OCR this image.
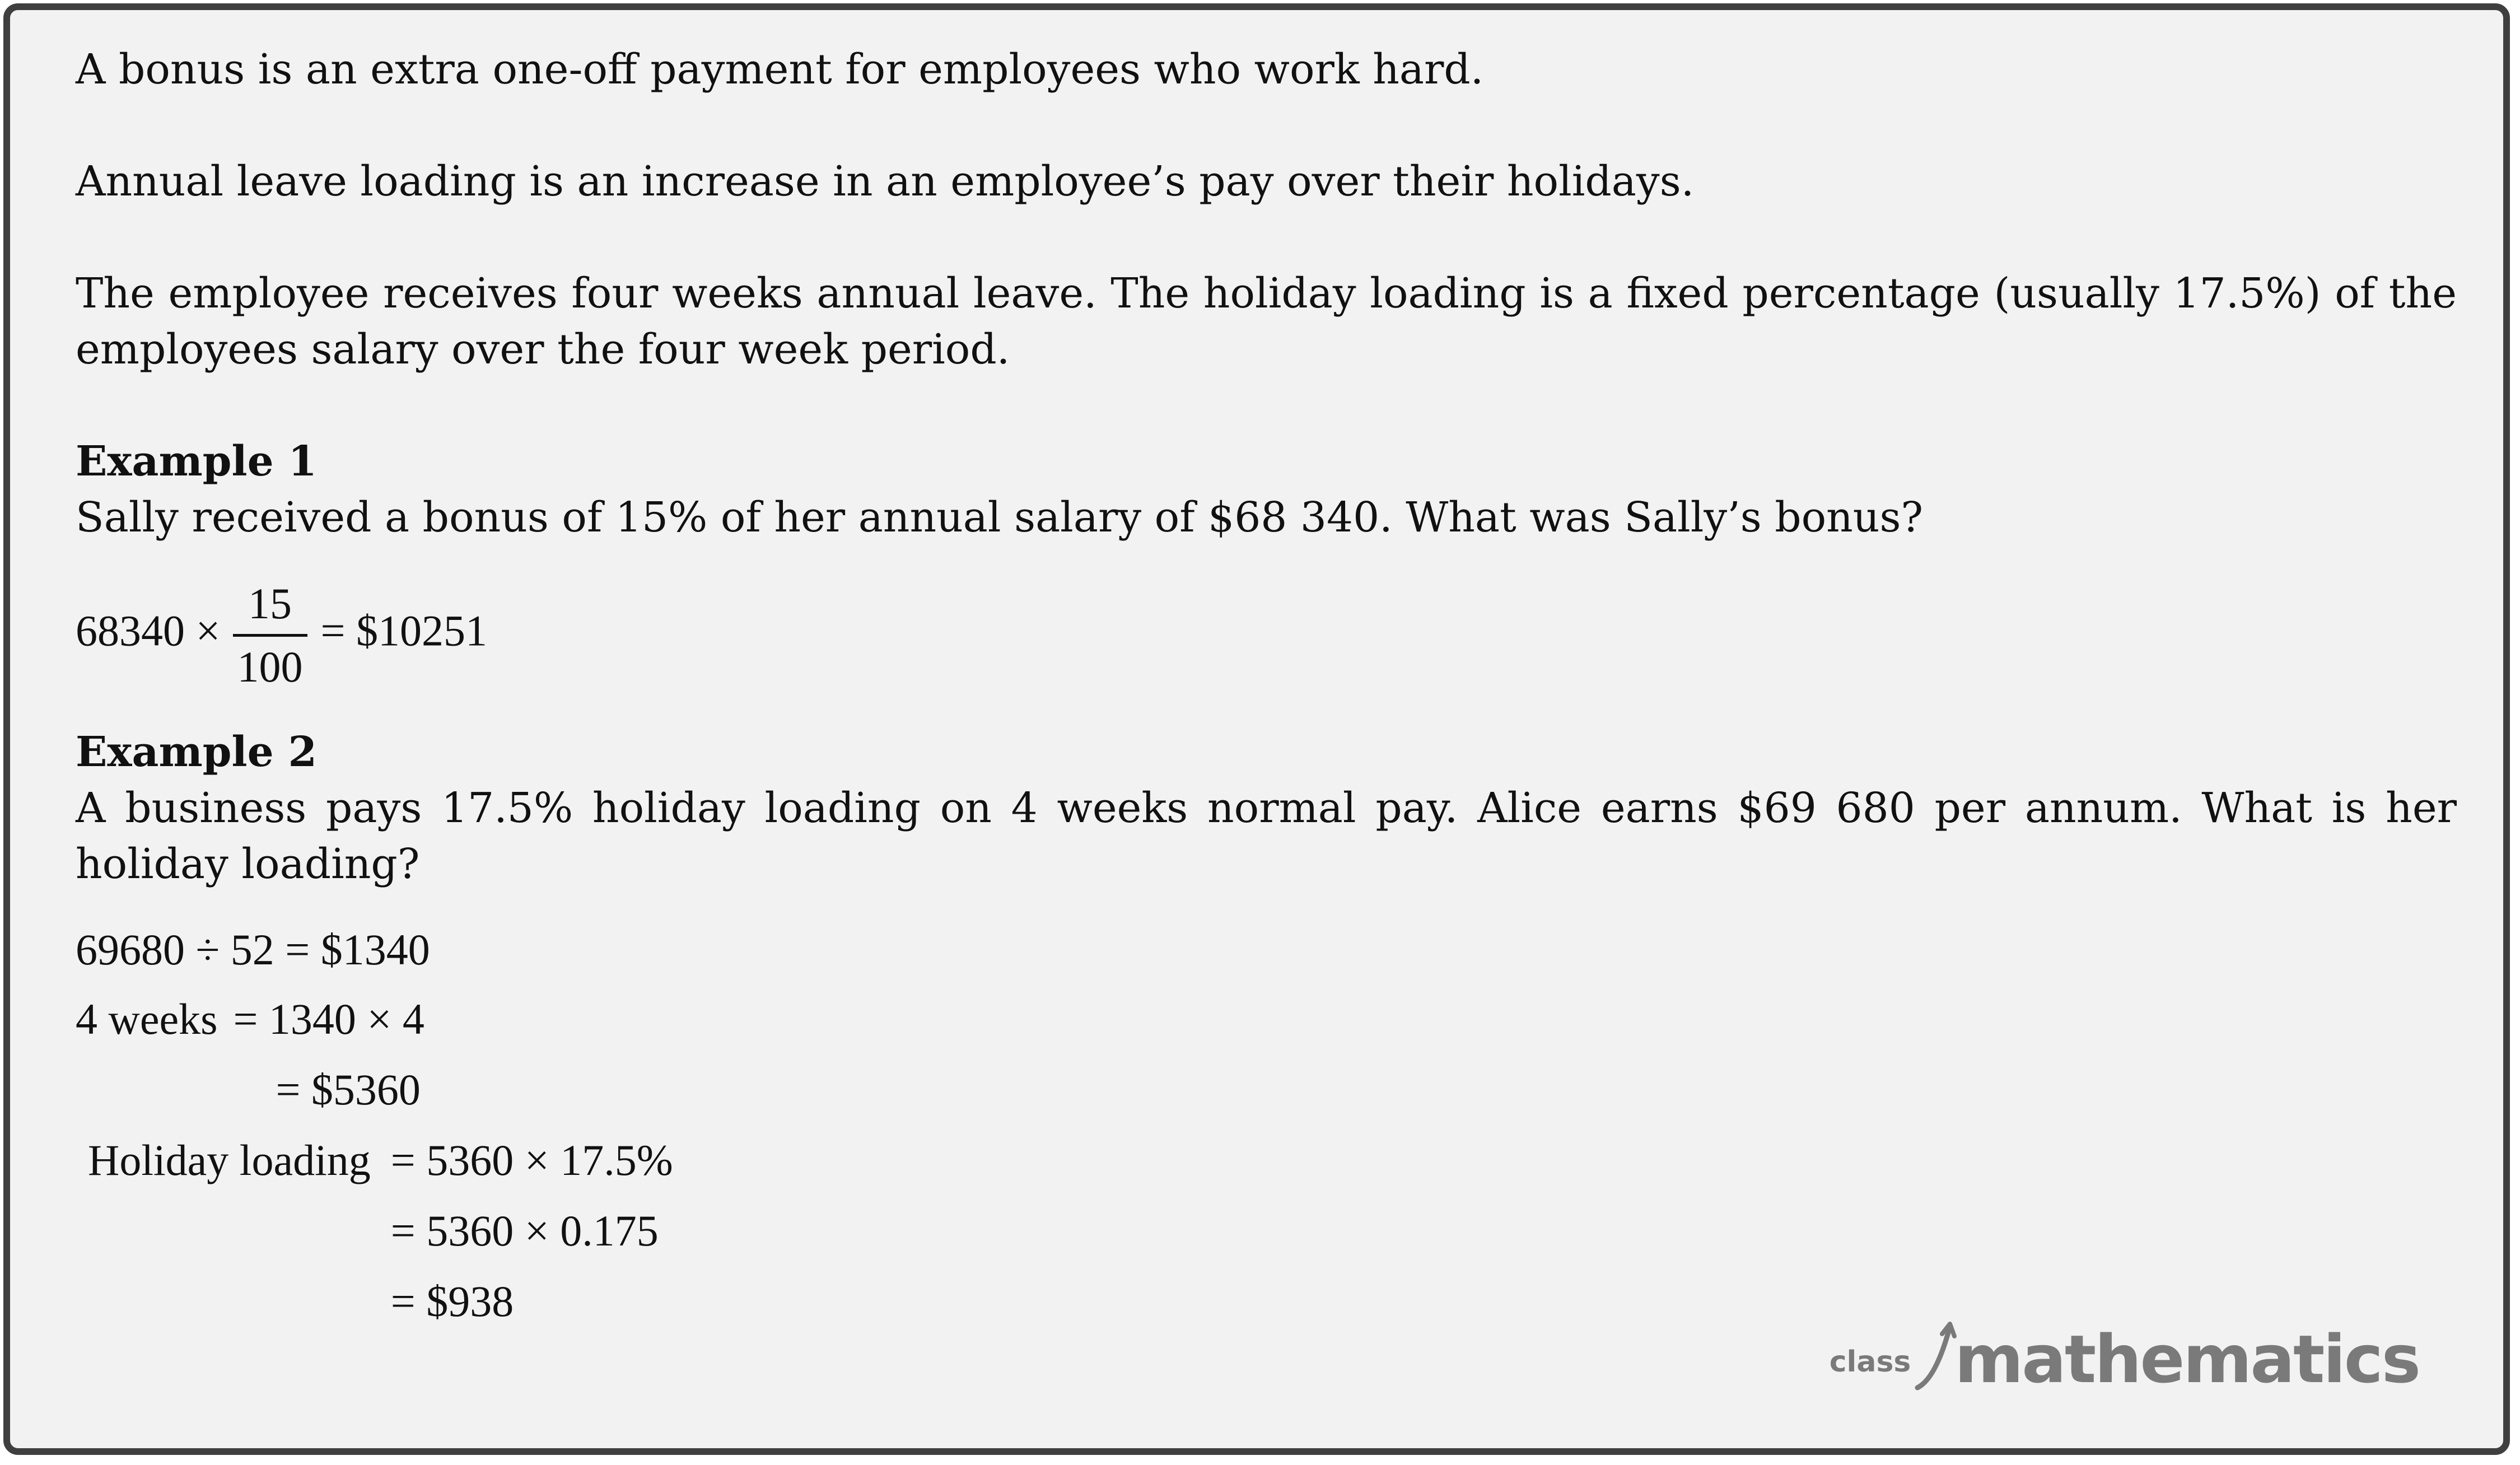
A bonus is an extra one-off payment for employees who work hard.

Annual leave loading is an increase in an employee’s pay over their holidays.

The employee receives four weeks annual leave. The holiday loading is a fixed percentage (usually 17.5%) of the employees salary over the four week period.

Example 1

Sally received a bonus of 15% of her annual salary of $68 340. What was Sally’s bonus?

$68340 \times \frac{15}{100}$ = $10251

Example 2

A business pays 17.5% holiday loading on 4 weeks normal pay. Alice earns $69 680 per annum. What is her holiday loading?

69680 ÷ 52 = $1340
4 weeks	= 1340 × 4
	= $5360
Holiday loading	= 5360 × 17.5%
	= 5360 × 0.175
	= $938
class mathematics
